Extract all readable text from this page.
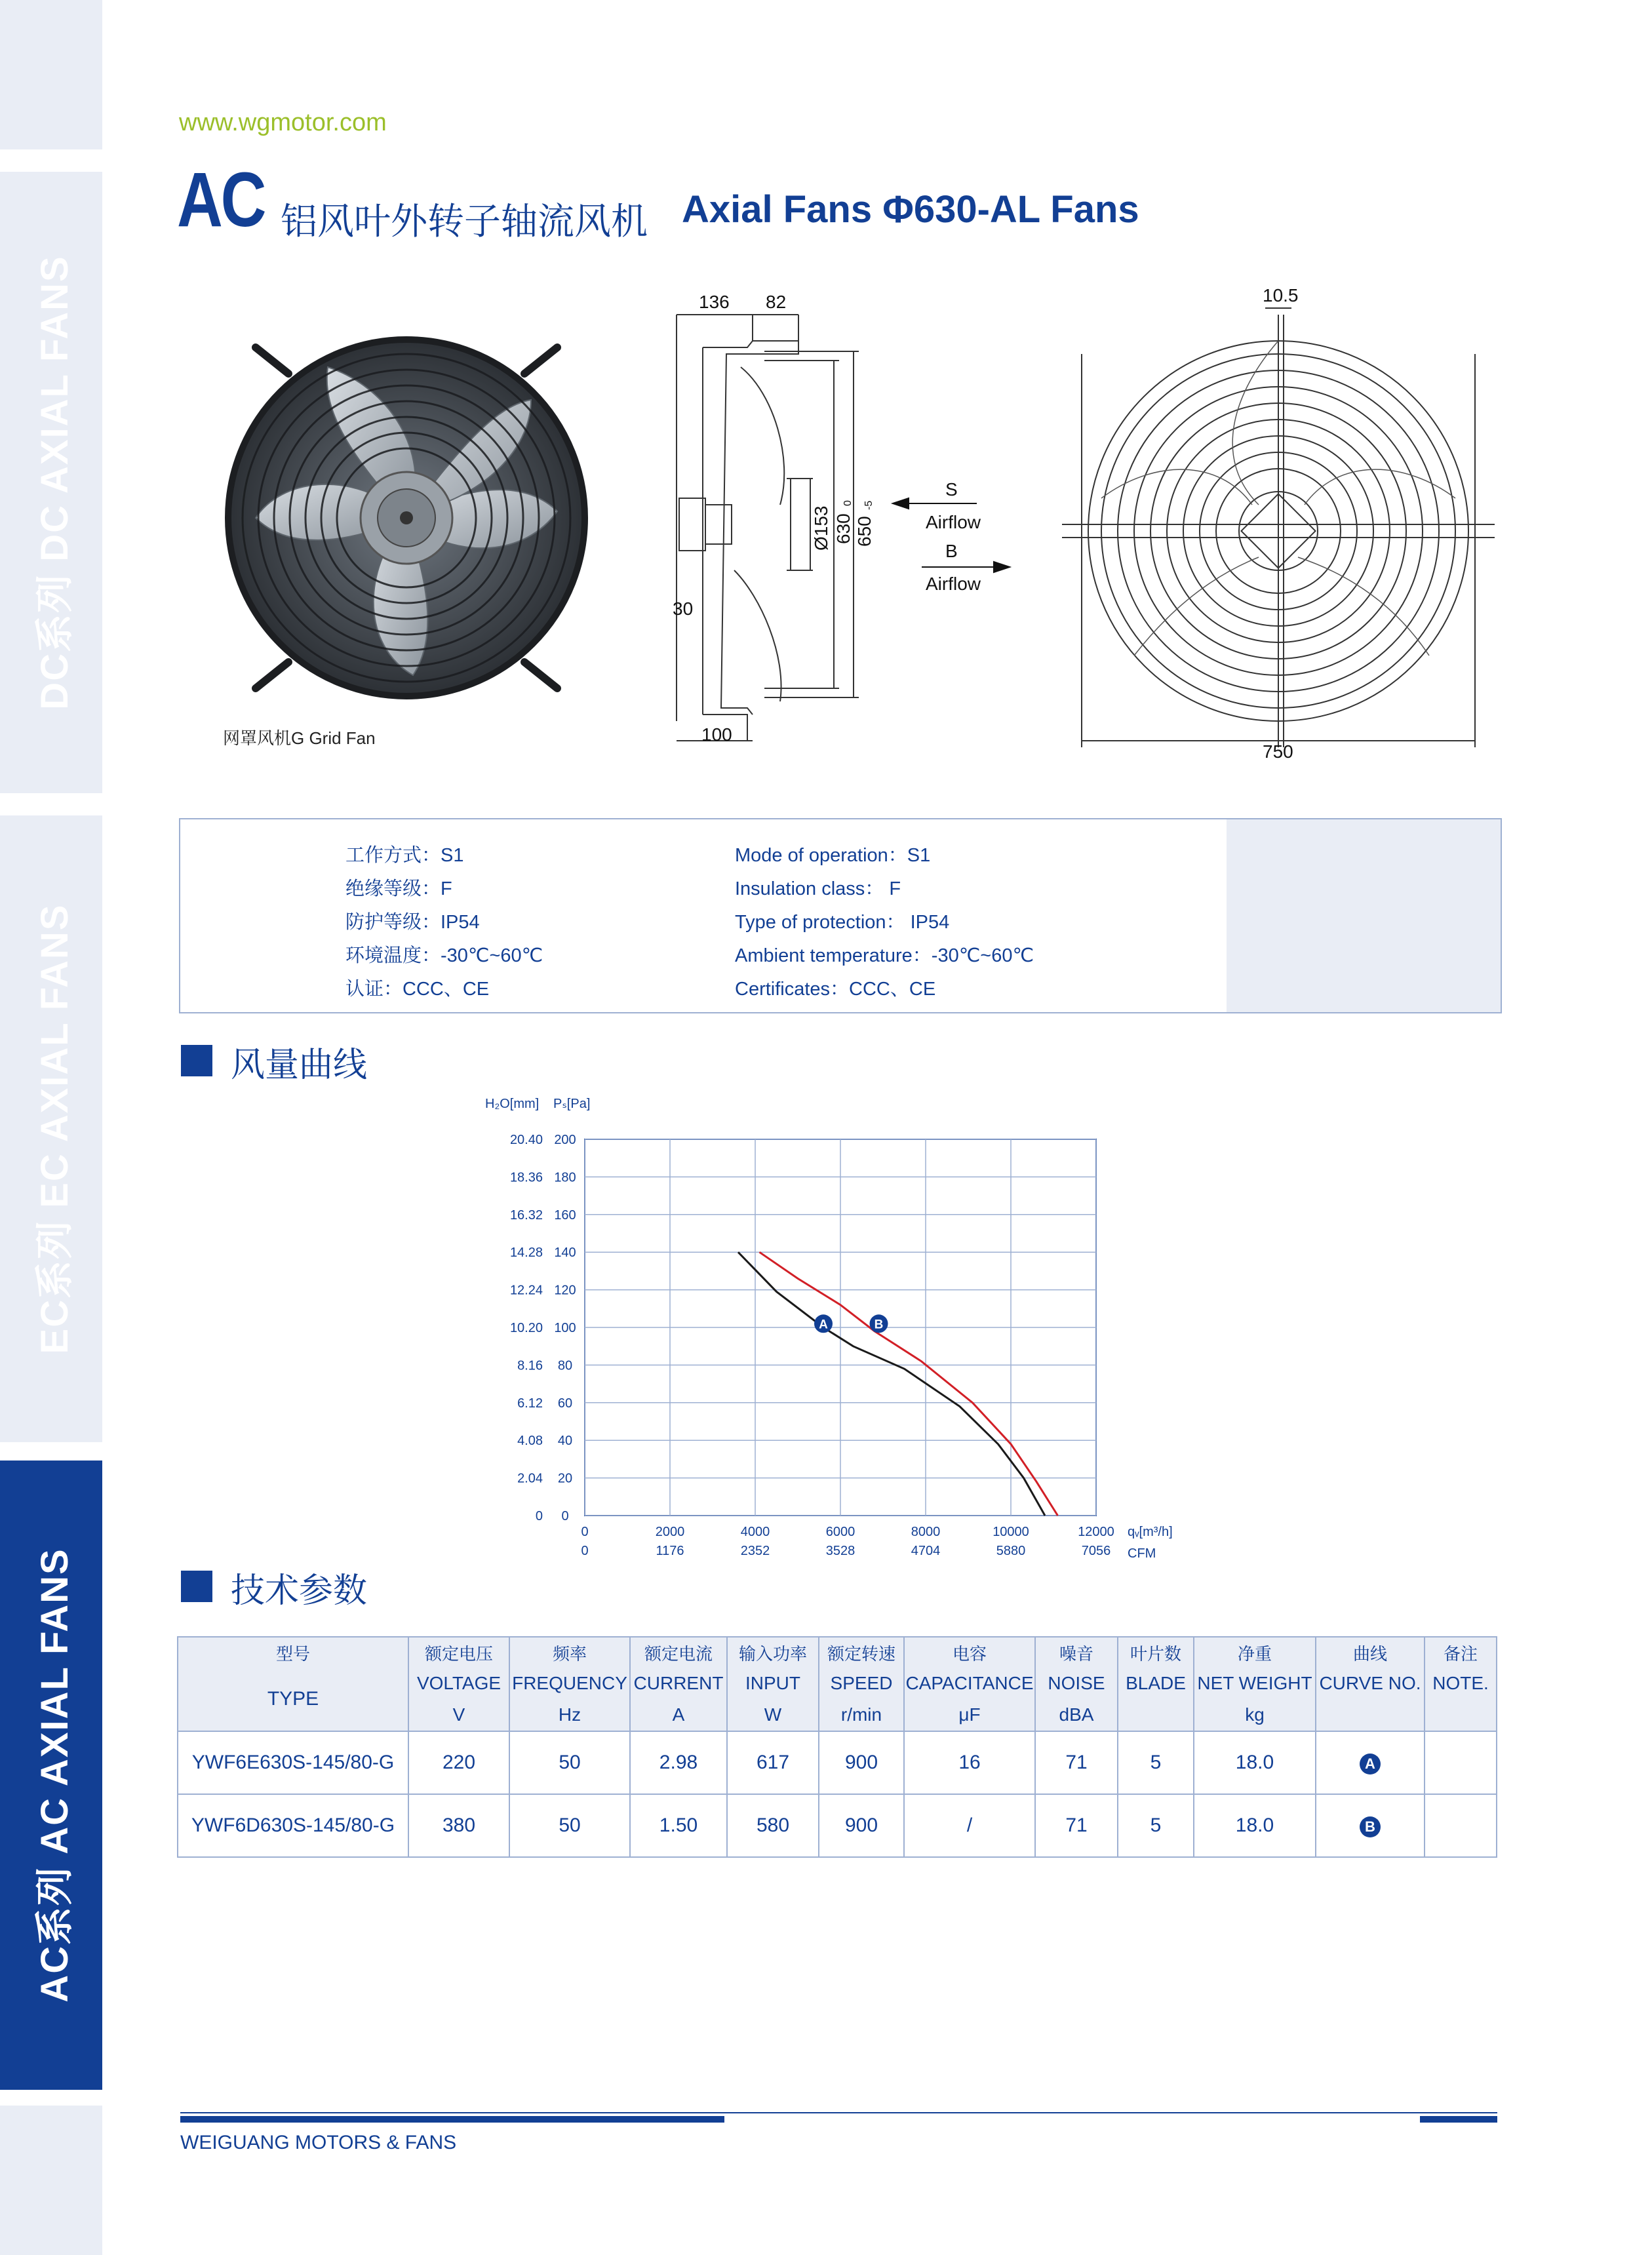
DC系列 DC AXIAL FANS
EC系列 EC AXIAL FANS
AC系列 AC AXIAL FANS
www.wgmotor.com
AC 铝风叶外转子轴流风机 Axial Fans Φ630-AL Fans
网罩风机G Grid Fan
136 82
30
100
Ø153 630 650
0 -5
S
Airflow
B
Airflow
10.5
750
工作方式：S1
绝缘等级：F
防护等级：IP54
环境温度：-30℃~60℃
认证：CCC、CE
Mode of operation：S1
Insulation class： F
Type of protection： IP54
Ambient temperature：-30℃~60℃
Certificates：CCC、CE
风量曲线
技术参数
0 0
2.04 20
4.08 40
6.12 60
8.16 80
10.20 100
12.24 120
14.28 140
16.32 160
18.36 180
20.40 200
0
0
2000
1176
4000
2352
6000
3528
8000
4704
10000
5880
12000
7056
A	B
H₂O[mm] Pₛ[Pa]
qᵥ[m³/h]
CFM
型号	额定电压	频率	额定电流	输入功率	额定转速	电容	噪音	叶片数	净重	曲线	备注
TYPE	VOLTAGE	FREQUENCY	CURRENT	INPUT	SPEED	CAPACITANCE	NOISE	BLADE	NET WEIGHT	CURVE NO.	NOTE.
	V	Hz	A	W	r/min	μF	dBA		kg		
YWF6E630S-145/80-G	220	50	2.98	617	900	16	71	5	18.0	A	
YWF6D630S-145/80-G	380	50	1.50	580	900	/	71	5	18.0	B	
WEIGUANG MOTORS & FANS
